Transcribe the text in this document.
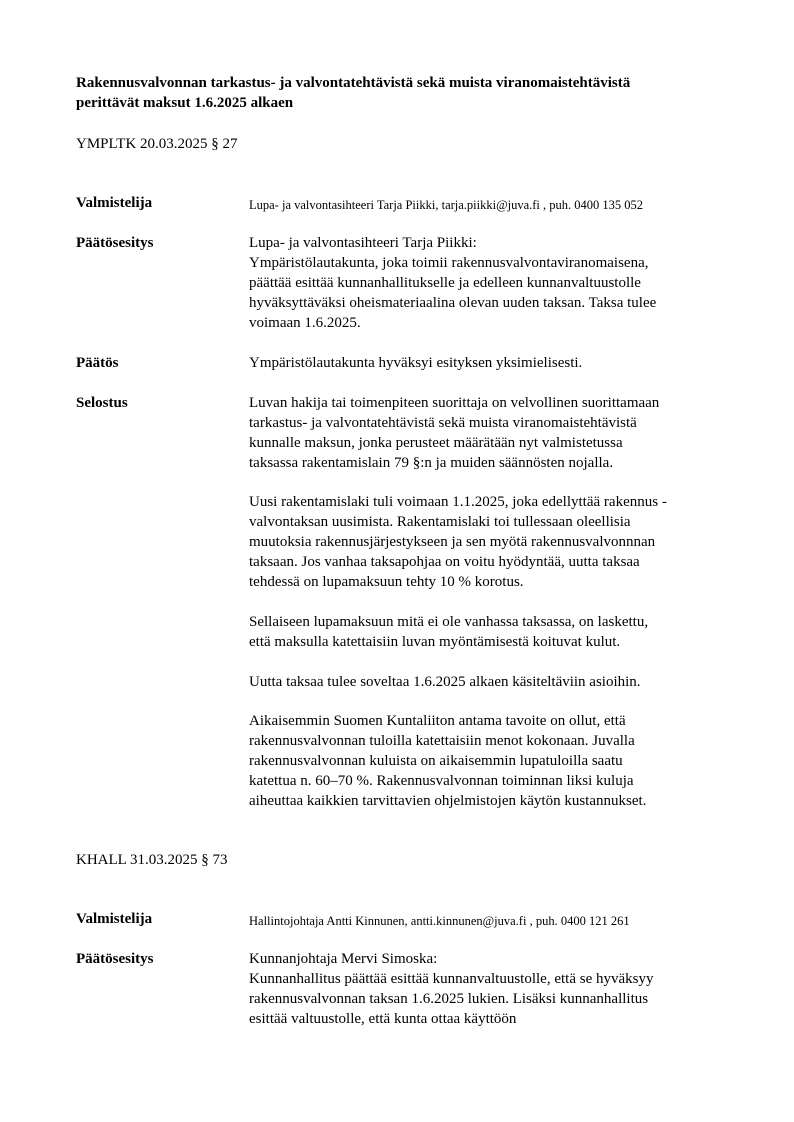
Rakennusvalvonnan tarkastus- ja valvontatehtävistä sekä muista viranomaistehtävistä
perittävät maksut 1.6.2025 alkaen
YMPLTK 20.03.2025 § 27
Valmistelija	Lupa- ja valvontasihteeri Tarja Piikki, tarja.piikki@juva.fi , puh. 0400 135 052
Päätösesitys	Lupa- ja valvontasihteeri Tarja Piikki:
Ympäristölautakunta, joka toimii rakennusvalvontaviranomaisena,
päättää esittää kunnanhallitukselle ja edelleen kunnanvaltuustolle
hyväksyttäväksi oheismateriaalina olevan uuden taksan. Taksa tulee
voimaan 1.6.2025.
Päätös	Ympäristölautakunta hyväksyi esityksen yksimielisesti.
Selostus	Luvan hakija tai toimenpiteen suorittaja on velvollinen suorittamaan
tarkastus- ja valvontatehtävistä sekä muista viranomaistehtävistä
kunnalle maksun, jonka perusteet määrätään nyt valmistetussa
taksassa rakentamislain 79 §:n ja muiden säännösten nojalla.
Uusi rakentamislaki tuli voimaan 1.1.2025, joka edellyttää rakennus -
valvontaksan uusimista. Rakentamislaki toi tullessaan oleellisia
muutoksia rakennusjärjestykseen ja sen myötä rakennusvalvonnnan
taksaan. Jos vanhaa taksapohjaa on voitu hyödyntää, uutta taksaa
tehdessä on lupamaksuun tehty 10 % korotus.
Sellaiseen lupamaksuun mitä ei ole vanhassa taksassa, on laskettu,
että maksulla katettaisiin luvan myöntämisestä koituvat kulut.
Uutta taksaa tulee soveltaa 1.6.2025 alkaen käsiteltäviin asioihin.
Aikaisemmin Suomen Kuntaliiton antama tavoite on ollut, että
rakennusvalvonnan tuloilla katettaisiin menot kokonaan. Juvalla
rakennusvalvonnan kuluista on aikaisemmin lupatuloilla saatu
katettua n. 60–70 %. Rakennusvalvonnan toiminnan liksi kuluja
aiheuttaa kaikkien tarvittavien ohjelmistojen käytön kustannukset.
KHALL 31.03.2025 § 73
Valmistelija	Hallintojohtaja Antti Kinnunen, antti.kinnunen@juva.fi , puh. 0400 121 261
Päätösesitys	Kunnanjohtaja Mervi Simoska:
Kunnanhallitus päättää esittää kunnanvaltuustolle, että se hyväksyy
rakennusvalvonnan taksan 1.6.2025 lukien. Lisäksi kunnanhallitus
esittää valtuustolle, että kunta ottaa käyttöön
